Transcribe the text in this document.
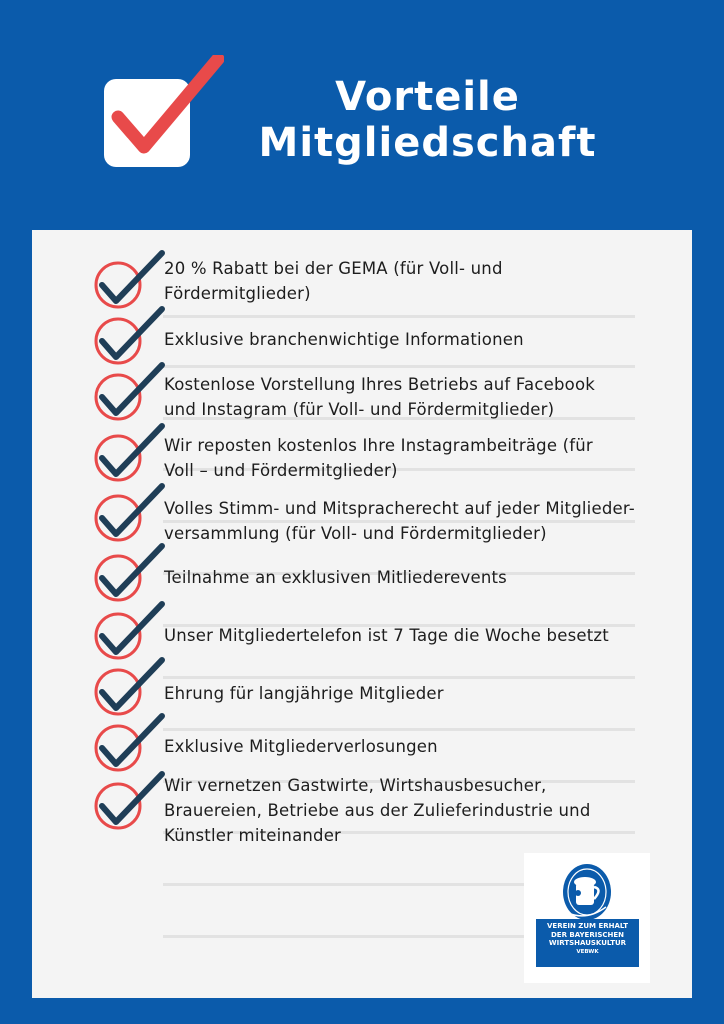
Vorteile
Mitgliedschaft
20 % Rabatt bei der GEMA (für Voll- und
Fördermitglieder)
Exklusive branchenwichtige Informationen
Kostenlose Vorstellung Ihres Betriebs auf Facebook
und Instagram (für Voll- und Fördermitglieder)
Wir reposten kostenlos Ihre Instagrambeiträge (für
Voll – und Fördermitglieder)
Volles Stimm- und Mitspracherecht auf jeder Mitglieder-
versammlung (für Voll- und Fördermitglieder)
Teilnahme an exklusiven Mitliederevents
Unser Mitgliedertelefon ist 7 Tage die Woche besetzt
Ehrung für langjährige Mitglieder
Exklusive Mitgliederverlosungen
Wir vernetzen Gastwirte, Wirtshausbesucher,
Brauereien, Betriebe aus der Zulieferindustrie und
Künstler miteinander
VEREIN ZUM ERHALT
DER BAYERISCHEN
WIRTSHAUSKULTUR
VEBWK
